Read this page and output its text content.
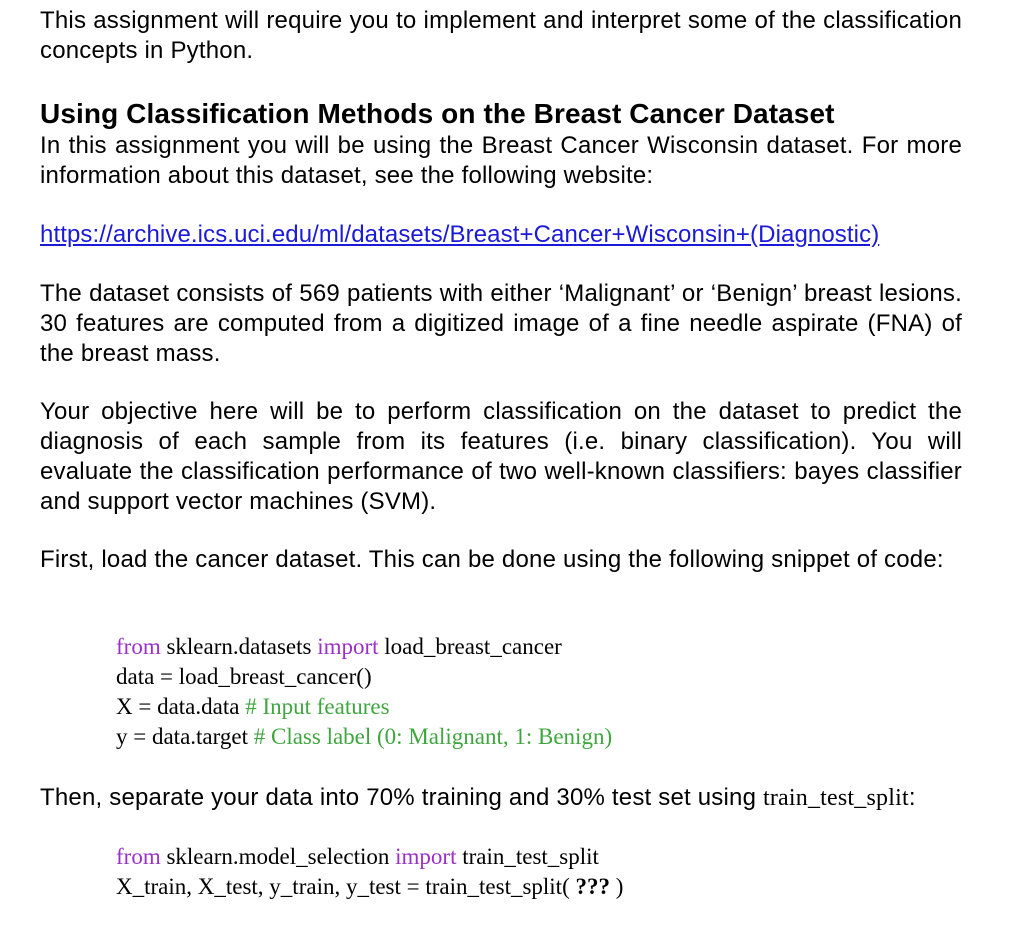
This assignment will require you to implement and interpret some of the classification concepts in Python.

Using Classification Methods on the Breast Cancer Dataset

In this assignment you will be using the Breast Cancer Wisconsin dataset. For more information about this dataset, see the following website:

https://archive.ics.uci.edu/ml/datasets/Breast+Cancer+Wisconsin+(Diagnostic)

The dataset consists of 569 patients with either ‘Malignant’ or ‘Benign’ breast lesions. 30 features are computed from a digitized image of a fine needle aspirate (FNA) of the breast mass.

Your objective here will be to perform classification on the dataset to predict the diagnosis of each sample from its features (i.e. binary classification). You will evaluate the classification performance of two well-known classifiers: bayes classifier and support vector machines (SVM).

First, load the cancer dataset. This can be done using the following snippet of code:

from sklearn.datasets import load_breast_cancer
data = load_breast_cancer()
X = data.data # Input features
y = data.target # Class label (0: Malignant, 1: Benign)

Then, separate your data into 70% training and 30% test set using train_test_split:

from sklearn.model_selection import train_test_split
X_train, X_test, y_train, y_test = train_test_split( ??? )
